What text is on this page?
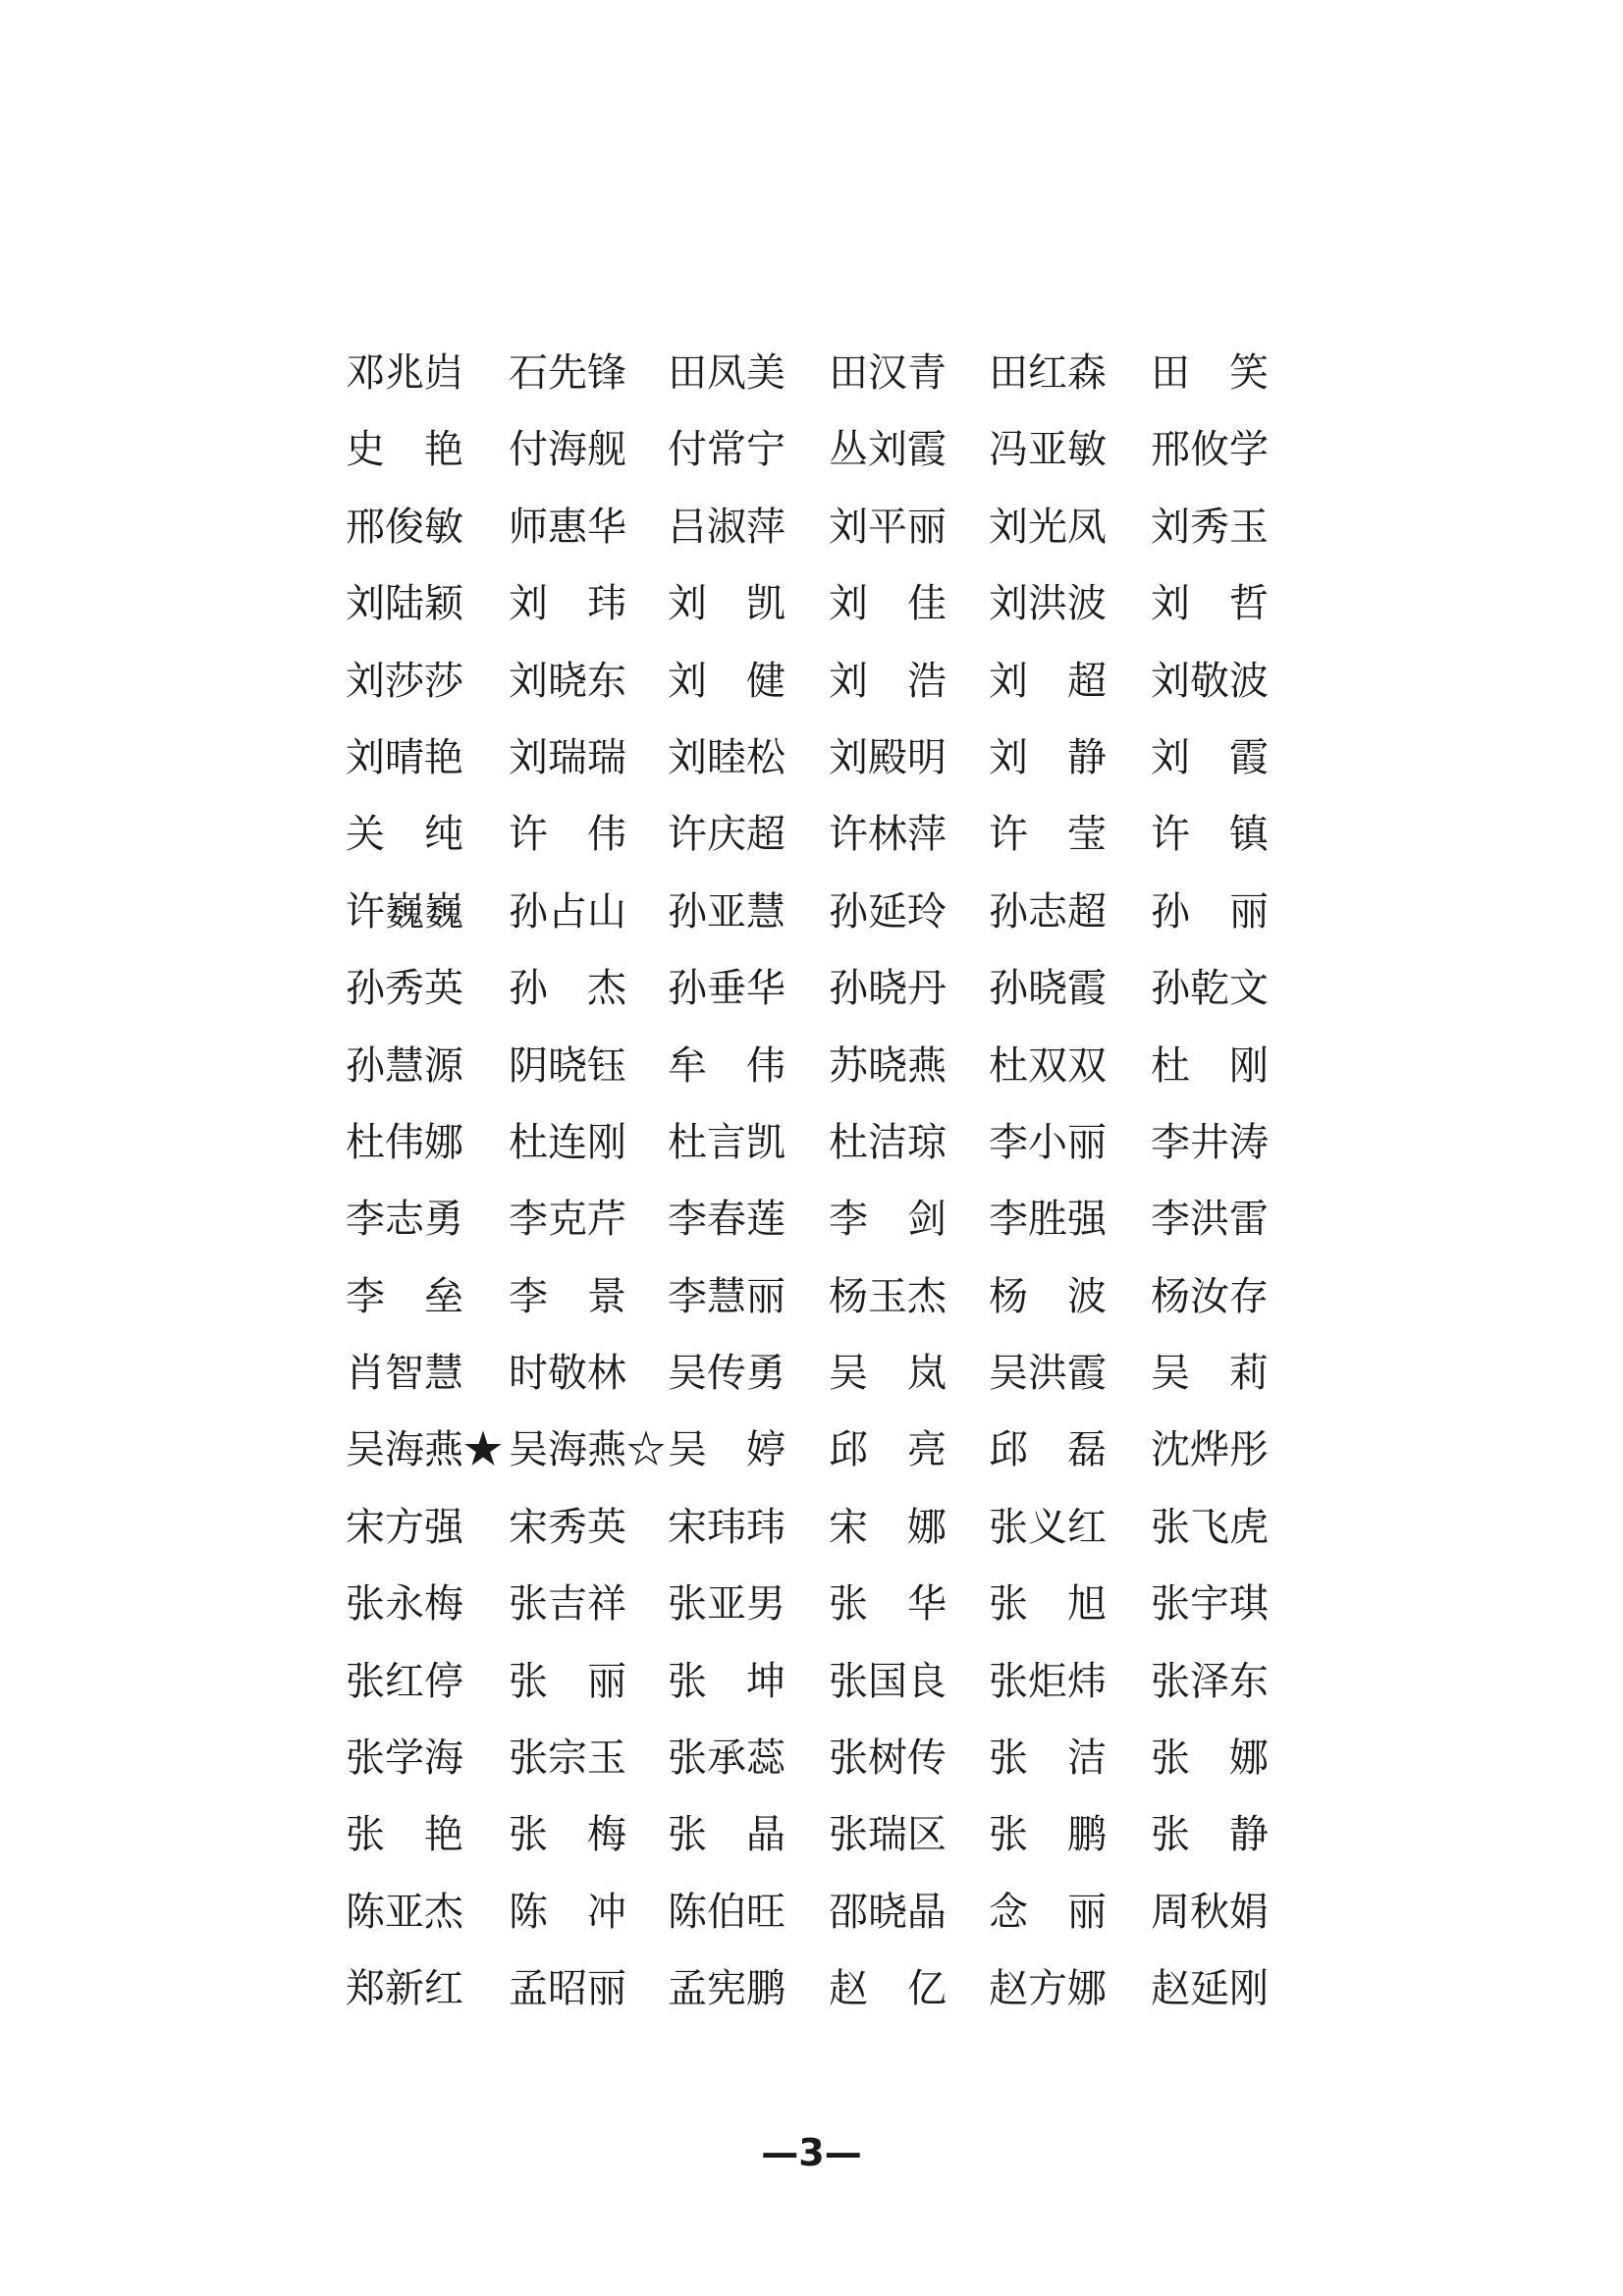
邓兆岿	石先锋	田凤美	田汉青	田红森	田　笑
史　艳	付海舰	付常宁	丛刘霞	冯亚敏	邢攸学
邢俊敏	师惠华	吕淑萍	刘平丽	刘光凤	刘秀玉
刘陆颖	刘　玮	刘　凯	刘　佳	刘洪波	刘　哲
刘莎莎	刘晓东	刘　健	刘　浩	刘　超	刘敬波
刘晴艳	刘瑞瑞	刘睦松	刘殿明	刘　静	刘　霞
关　纯	许　伟	许庆超	许林萍	许　莹	许　镇
许巍巍	孙占山	孙亚慧	孙延玲	孙志超	孙　丽
孙秀英	孙　杰	孙垂华	孙晓丹	孙晓霞	孙乾文
孙慧源	阴晓钰	牟　伟	苏晓燕	杜双双	杜　刚
杜伟娜	杜连刚	杜言凯	杜洁琼	李小丽	李井涛
李志勇	李克芹	李春莲	李　剑	李胜强	李洪雷
李　垒	李　景	李慧丽	杨玉杰	杨　波	杨汝存
肖智慧	时敬林	吴传勇	吴　岚	吴洪霞	吴　莉
吴海燕★ 吴海燕☆ 吴　婷	邱　亮	邱　磊	沈烨彤
宋方强	宋秀英	宋玮玮	宋　娜	张义红	张飞虎
张永梅	张吉祥	张亚男	张　华	张　旭	张宇琪
张红停	张　丽	张　坤	张国良	张炬炜	张泽东
张学海	张宗玉	张承蕊	张树传	张　洁	张　娜
张　艳	张　梅	张　晶	张瑞区	张　鹏	张　静
陈亚杰	陈　冲	陈伯旺	邵晓晶	念　丽	周秋娟
郑新红	孟昭丽	孟宪鹏	赵　亿	赵方娜	赵延刚
—3—
